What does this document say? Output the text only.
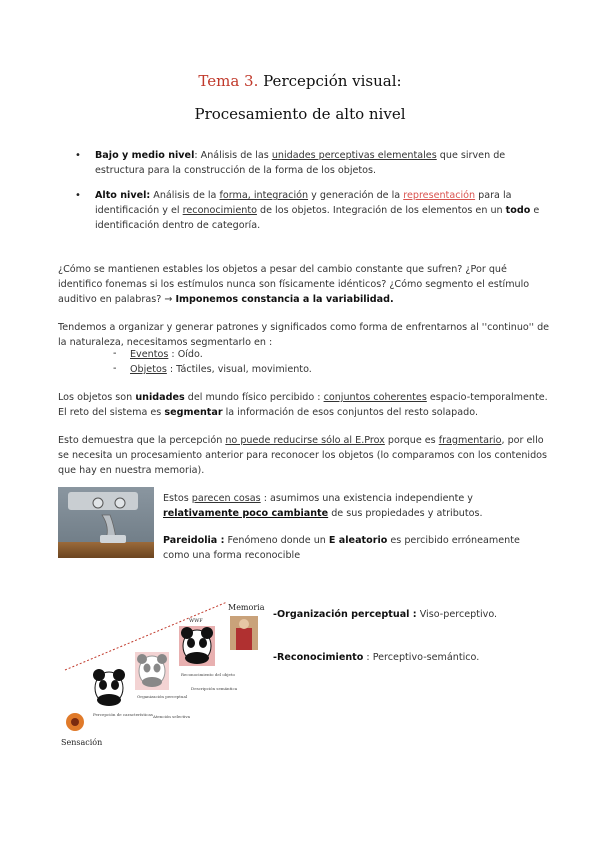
Tema 3. Percepción visual:
Procesamiento de alto nivel
• Bajo y medio nivel: Análisis de las unidades perceptivas elementales que sirven de estructura para la construcción de la forma de los objetos.
• Alto nivel: Análisis de la forma, integración y generación de la representación para la identificación y el reconocimiento de los objetos. Integración de los elementos en un todo e identificación dentro de categoría.
¿Cómo se mantienen estables los objetos a pesar del cambio constante que sufren? ¿Por qué identifico fonemas si los estímulos nunca son físicamente idénticos? ¿Cómo segmento el estímulo auditivo en palabras? → Imponemos constancia a la variabilidad.
Tendemos a organizar y generar patrones y significados como forma de enfrentarnos al ''continuo'' de la naturaleza, necesitamos segmentarlo en :
- Eventos : Oído.
- Objetos : Táctiles, visual, movimiento.
Los objetos son unidades del mundo físico percibido : conjuntos coherentes espacio-temporalmente. El reto del sistema es segmentar la información de esos conjuntos del resto solapado.
Esto demuestra que la percepción no puede reducirse sólo al E.Prox porque es fragmentario, por ello se necesita un procesamiento anterior para reconocer los objetos (lo comparamos con los contenidos que hay en nuestra memoria).
Estos parecen cosas : asumimos una existencia independiente y relativamente poco cambiante de sus propiedades y atributos.
Pareidolia : Fenómeno donde un E aleatorio es percibido erróneamente como una forma reconocible
Memoria
Sensación
Percepción de características
Organización perceptual
Atención selectiva
WWF
Reconocimiento del objeto
Descripción semántica
-Organización perceptual : Viso-perceptivo.
-Reconocimiento : Perceptivo-semántico.
